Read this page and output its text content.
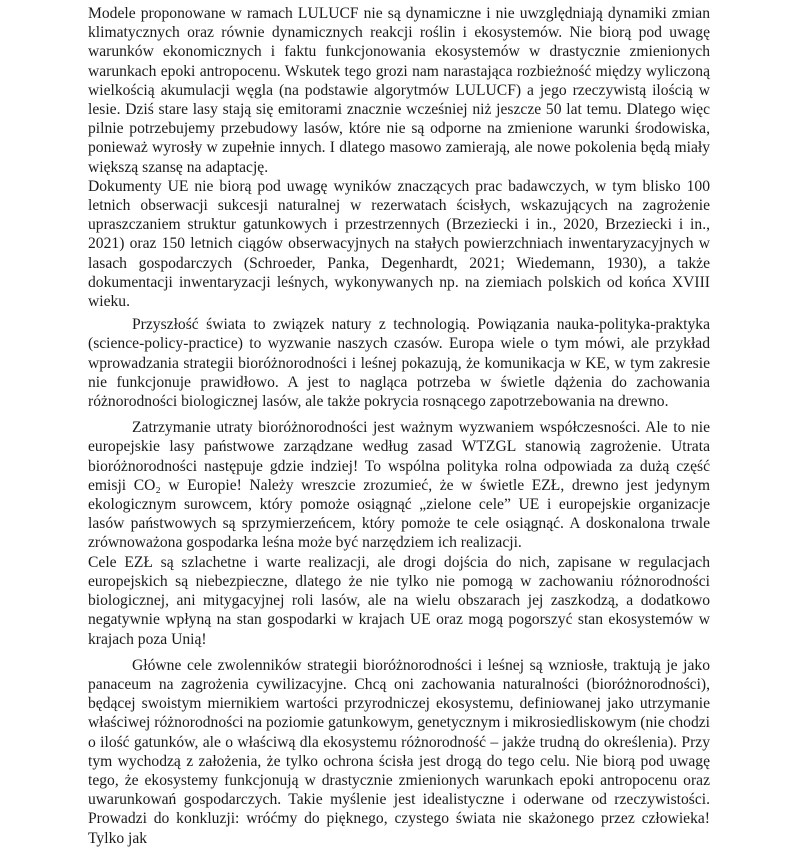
Modele proponowane w ramach LULUCF nie są dynamiczne i nie uwzględniają dynamiki zmian klimatycznych oraz równie dynamicznych reakcji roślin i ekosystemów. Nie biorą pod uwagę warunków ekonomicznych i faktu funkcjonowania ekosystemów w drastycznie zmienionych warunkach epoki antropocenu. Wskutek tego grozi nam narastająca rozbieżność między wyliczoną wielkością akumulacji węgla (na podstawie algorytmów LULUCF) a jego rzeczywistą ilością w lesie. Dziś stare lasy stają się emitorami znacznie wcześniej niż jeszcze 50 lat temu. Dlatego więc pilnie potrzebujemy przebudowy lasów, które nie są odporne na zmienione warunki środowiska, ponieważ wyrosły w zupełnie innych. I dlatego masowo zamierają, ale nowe pokolenia będą miały większą szansę na adaptację.

Dokumenty UE nie biorą pod uwagę wyników znaczących prac badawczych, w tym blisko 100 letnich obserwacji sukcesji naturalnej w rezerwatach ścisłych, wskazujących na zagrożenie upraszczaniem struktur gatunkowych i przestrzennych (Brzeziecki i in., 2020, Brzeziecki i in., 2021) oraz 150 letnich ciągów obserwacyjnych na stałych powierzchniach inwentaryzacyjnych w lasach gospodarczych (Schroeder, Panka, Degenhardt, 2021; Wiedemann, 1930), a także dokumentacji inwentaryzacji leśnych, wykonywanych np. na ziemiach polskich od końca XVIII wieku.

Przyszłość świata to związek natury z technologią. Powiązania nauka-polityka-praktyka (science-policy-practice) to wyzwanie naszych czasów. Europa wiele o tym mówi, ale przykład wprowadzania strategii bioróżnorodności i leśnej pokazują, że komunikacja w KE, w tym zakresie nie funkcjonuje prawidłowo. A jest to nagląca potrzeba w świetle dążenia do zachowania różnorodności biologicznej lasów, ale także pokrycia rosnącego zapotrzebowania na drewno.

Zatrzymanie utraty bioróżnorodności jest ważnym wyzwaniem współczesności. Ale to nie europejskie lasy państwowe zarządzane według zasad WTZGL stanowią zagrożenie. Utrata bioróżnorodności następuje gdzie indziej! To wspólna polityka rolna odpowiada za dużą część emisji CO₂ w Europie! Należy wreszcie zrozumieć, że w świetle EZŁ, drewno jest jedynym ekologicznym surowcem, który pomoże osiągnąć „zielone cele” UE i europejskie organizacje lasów państwowych są sprzymierzeńcem, który pomoże te cele osiągnąć. A doskonalona trwale zrównoważona gospodarka leśna może być narzędziem ich realizacji.

Cele EZŁ są szlachetne i warte realizacji, ale drogi dojścia do nich, zapisane w regulacjach europejskich są niebezpieczne, dlatego że nie tylko nie pomogą w zachowaniu różnorodności biologicznej, ani mitygacyjnej roli lasów, ale na wielu obszarach jej zaszkodzą, a dodatkowo negatywnie wpłyną na stan gospodarki w krajach UE oraz mogą pogorszyć stan ekosystemów w krajach poza Unią!

Główne cele zwolenników strategii bioróżnorodności i leśnej są wzniosłe, traktują je jako panaceum na zagrożenia cywilizacyjne. Chcą oni zachowania naturalności (bioróżnorodności), będącej swoistym miernikiem wartości przyrodniczej ekosystemu, definiowanej jako utrzymanie właściwej różnorodności na poziomie gatunkowym, genetycznym i mikrosiedliskowym (nie chodzi o ilość gatunków, ale o właściwą dla ekosystemu różnorodność – jakże trudną do określenia). Przy tym wychodzą z założenia, że tylko ochrona ścisła jest drogą do tego celu. Nie biorą pod uwagę tego, że ekosystemy funkcjonują w drastycznie zmienionych warunkach epoki antropocenu oraz uwarunkowań gospodarczych. Takie myślenie jest idealistyczne i oderwane od rzeczywistości. Prowadzi do konkluzji: wróćmy do pięknego, czystego świata nie skażonego przez człowieka! Tylko jak
